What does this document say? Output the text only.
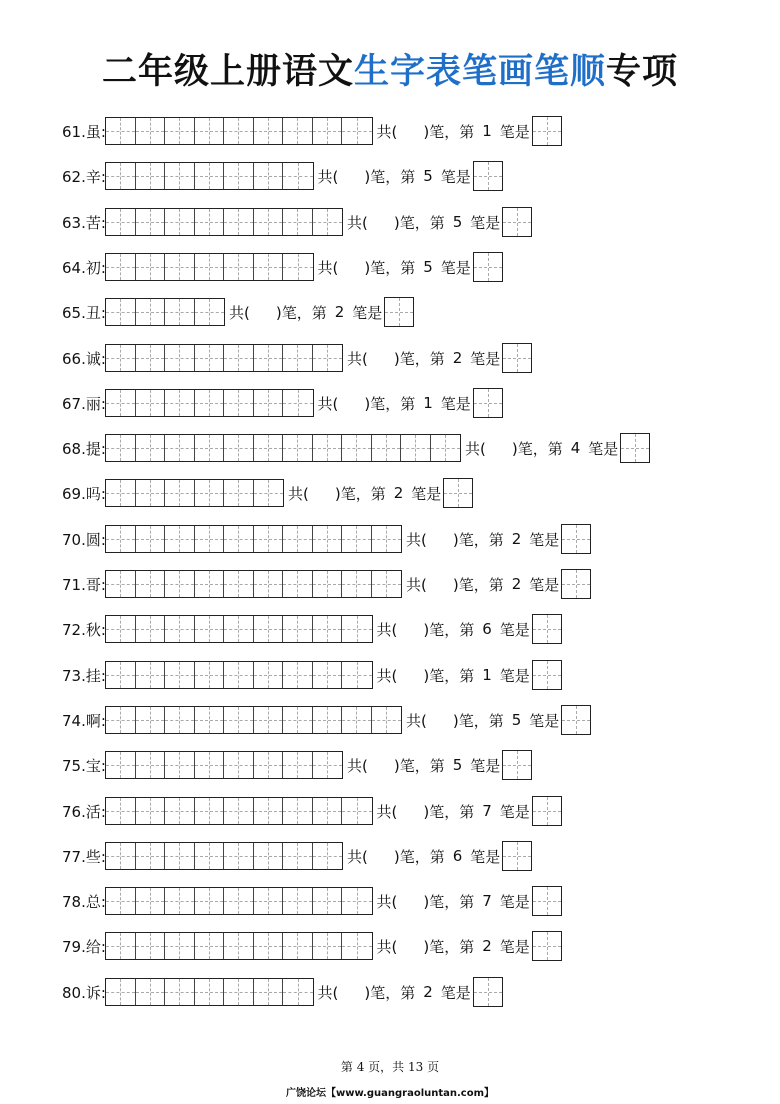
二年级上册语文生字表笔画笔顺专项
61.虽:	共( )笔，第 1 笔是
62.辛:	共( )笔，第 5 笔是
63.苦:	共( )笔，第 5 笔是
64.初:	共( )笔，第 5 笔是
65.丑:	共( )笔，第 2 笔是
66.诚:	共( )笔，第 2 笔是
67.丽:	共( )笔，第 1 笔是
68.提:	共( )笔，第 4 笔是
69.吗:	共( )笔，第 2 笔是
70.圆:	共( )笔，第 2 笔是
71.哥:	共( )笔，第 2 笔是
72.秋:	共( )笔，第 6 笔是
73.挂:	共( )笔，第 1 笔是
74.啊:	共( )笔，第 5 笔是
75.宝:	共( )笔，第 5 笔是
76.活:	共( )笔，第 7 笔是
77.些:	共( )笔，第 6 笔是
78.总:	共( )笔，第 7 笔是
79.给:	共( )笔，第 2 笔是
80.诉:	共( )笔，第 2 笔是
第 4 页，共 13 页
广饶论坛【www.guangraoluntan.com】
